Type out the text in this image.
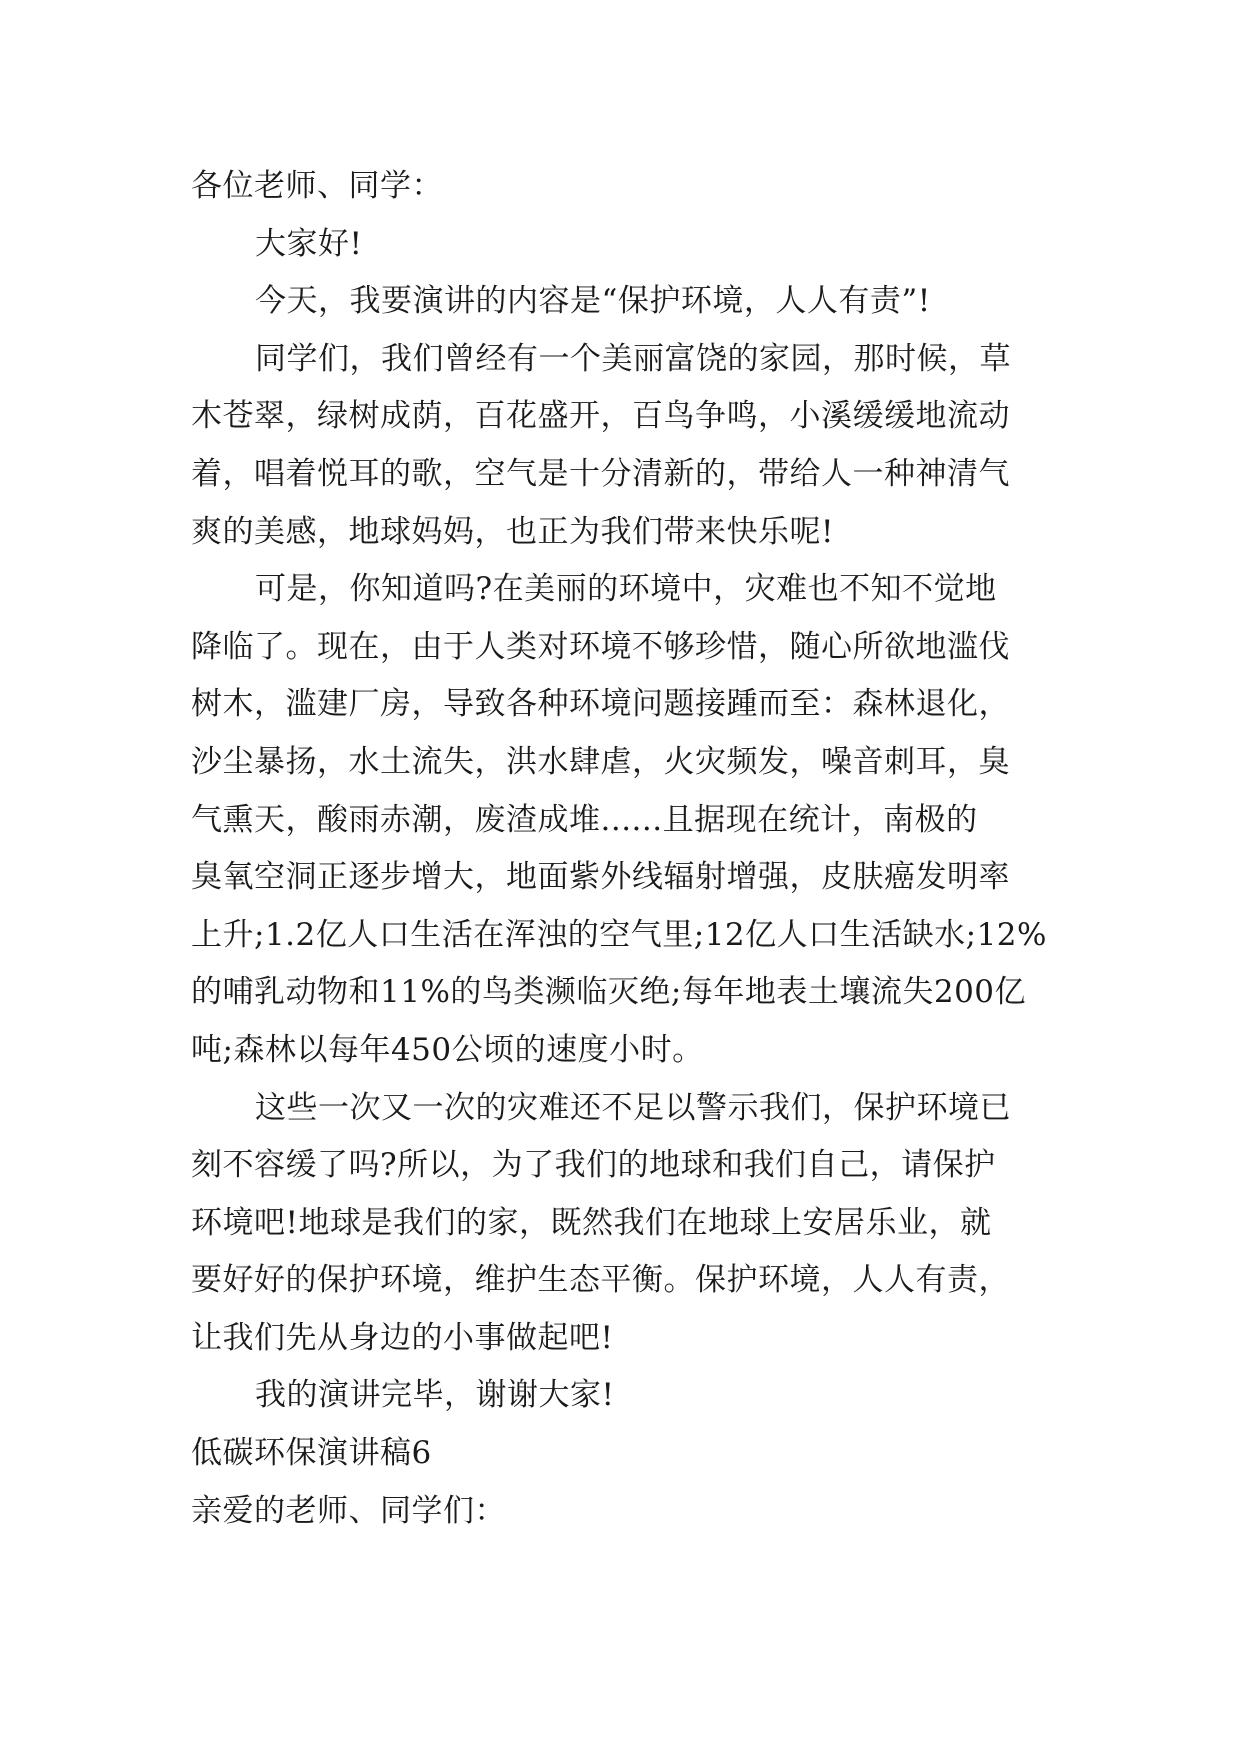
各位老师、同学：
大家好!
今天，我要演讲的内容是“保护环境，人人有责”!
同学们，我们曾经有一个美丽富饶的家园，那时候，草
木苍翠，绿树成荫，百花盛开，百鸟争鸣，小溪缓缓地流动
着，唱着悦耳的歌，空气是十分清新的，带给人一种神清气
爽的美感，地球妈妈，也正为我们带来快乐呢!
可是，你知道吗?在美丽的环境中，灾难也不知不觉地
降临了。现在，由于人类对环境不够珍惜，随心所欲地滥伐
树木，滥建厂房，导致各种环境问题接踵而至：森林退化，
沙尘暴扬，水土流失，洪水肆虐，火灾频发，噪音刺耳，臭
气熏天，酸雨赤潮，废渣成堆......且据现在统计，南极的
臭氧空洞正逐步增大，地面紫外线辐射增强，皮肤癌发明率
上升;1.2亿人口生活在浑浊的空气里;12亿人口生活缺水;12%
的哺乳动物和11%的鸟类濒临灭绝;每年地表土壤流失200亿
吨;森林以每年450公顷的速度小时。
这些一次又一次的灾难还不足以警示我们，保护环境已
刻不容缓了吗?所以，为了我们的地球和我们自己，请保护
环境吧!地球是我们的家，既然我们在地球上安居乐业，就
要好好的保护环境，维护生态平衡。保护环境，人人有责，
让我们先从身边的小事做起吧!
我的演讲完毕，谢谢大家!
低碳环保演讲稿6
亲爱的老师、同学们：
